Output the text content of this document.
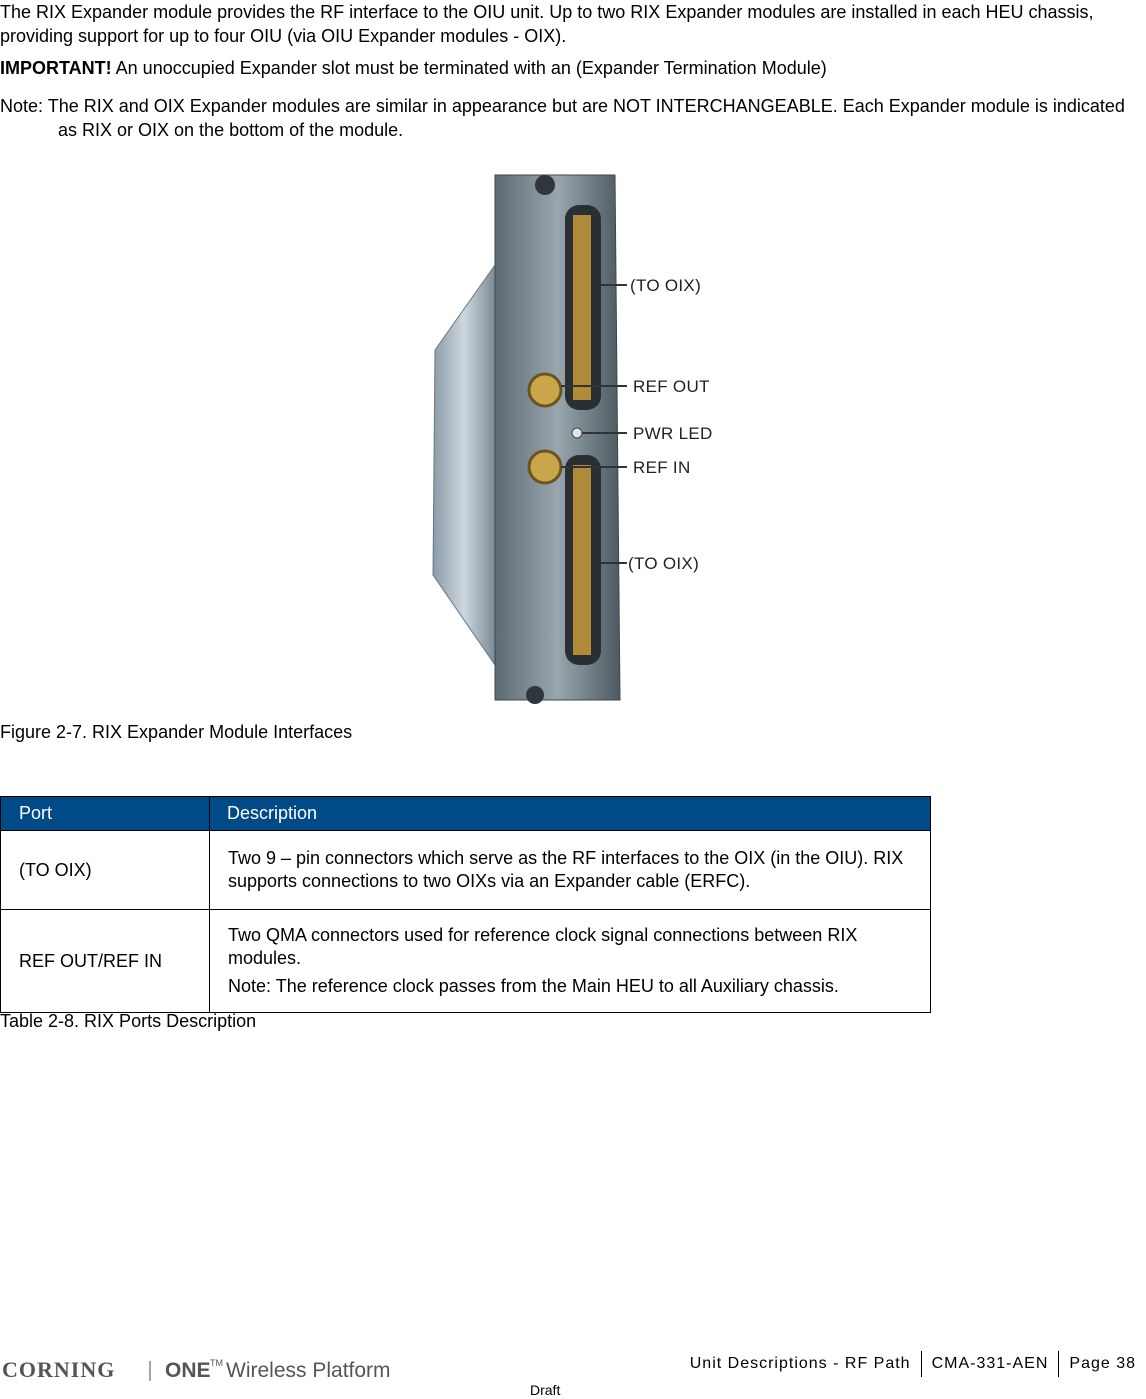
The RIX Expander module provides the RF interface to the OIU unit. Up to two RIX Expander modules are installed in each HEU chassis, providing support for up to four OIU (via OIU Expander modules - OIX).

IMPORTANT! An unoccupied Expander slot must be terminated with an (Expander Termination Module)

Note: The RIX and OIX Expander modules are similar in appearance but are NOT INTERCHANGEABLE. Each Expander module is indicated as RIX or OIX on the bottom of the module.

(TO OIX)
REF OUT
PWR LED
REF IN
(TO OIX)

Figure 2-7. RIX Expander Module Interfaces

Port	Description
(TO OIX)	Two 9 – pin connectors which serve as the RF interfaces to the OIX (in the OIU). RIX supports connections to two OIXs via an Expander cable (ERFC).
REF OUT/REF IN	Two QMA connectors used for reference clock signal connections between RIX modules.
Note: The reference clock passes from the Main HEU to all Auxiliary chassis.

Table 2-8. RIX Ports Description

CORNING ONE TM Wireless Platform	Unit Descriptions - RF Path	CMA-331-AEN	Page 38
Draft
